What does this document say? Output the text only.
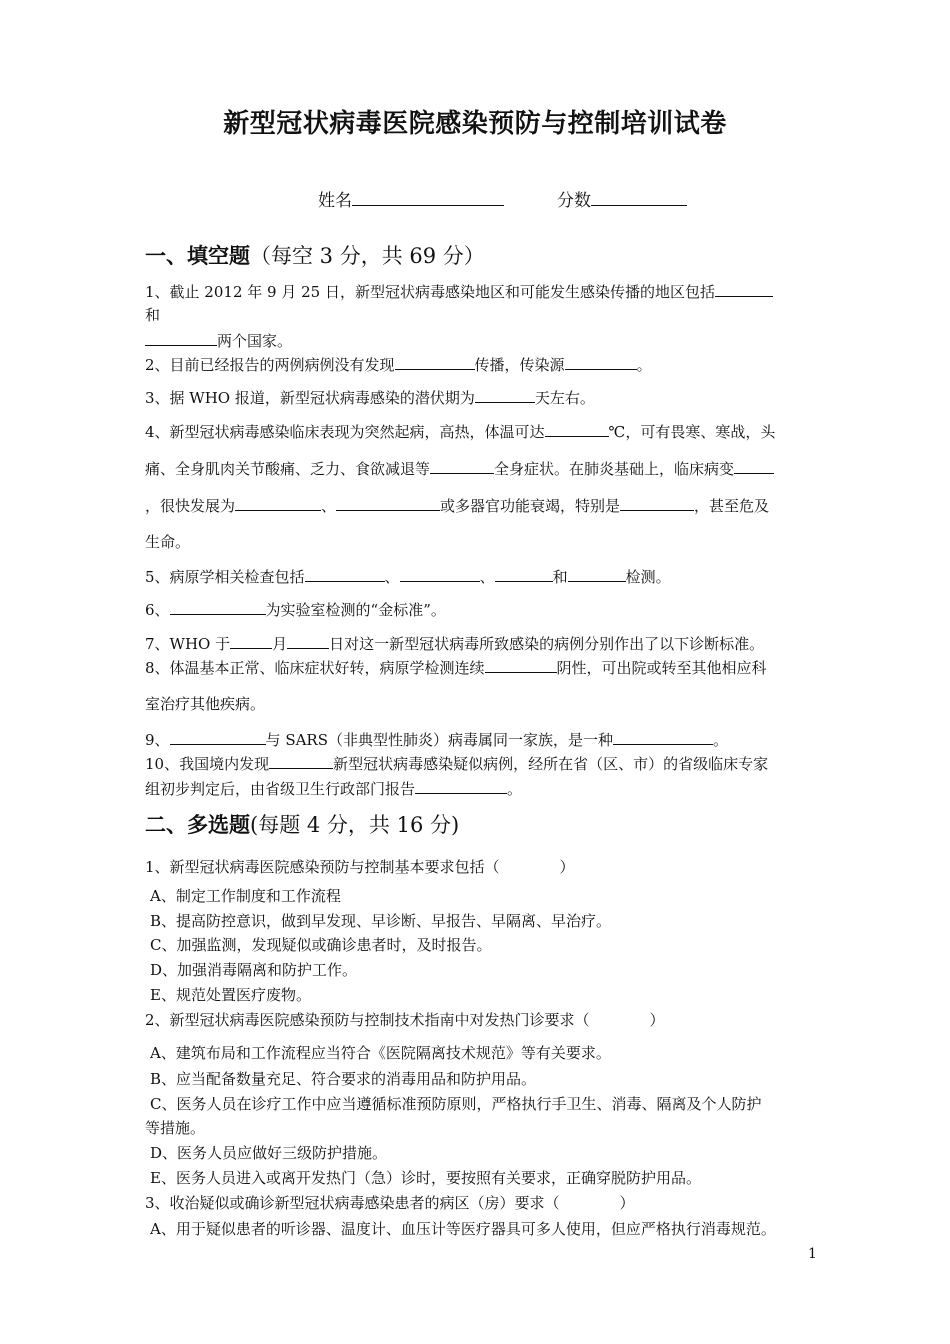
新型冠状病毒医院感染预防与控制培训试卷
姓名	分数
一、填空题（每空 3 分，共 69 分）
1、截止 2012 年 9 月 25 日，新型冠状病毒感染地区和可能发生感染传播的地区包括
和
两个国家。
2、目前已经报告的两例病例没有发现	传播，传染源	。
3、据 WHO 报道，新型冠状病毒感染的潜伏期为	天左右。
4、新型冠状病毒感染临床表现为突然起病，高热，体温可达	℃，可有畏寒、寒战，头
痛、全身肌肉关节酸痛、乏力、食欲减退等	全身症状。在肺炎基础上，临床病变
，很快发展为	、	或多器官功能衰竭，特别是	，甚至危及
生命。
5、病原学相关检查包括	、	、	和	检测。
6、	为实验室检测的“金标准”。
7、WHO 于	月	日对这一新型冠状病毒所致感染的病例分别作出了以下诊断标准。
8、体温基本正常、临床症状好转，病原学检测连续	阴性，可出院或转至其他相应科
室治疗其他疾病。
9、	与 SARS（非典型性肺炎）病毒属同一家族，是一种	。
10、我国境内发现	新型冠状病毒感染疑似病例，经所在省（区、市）的省级临床专家
组初步判定后，由省级卫生行政部门报告	。
二、多选题(每题 4 分，共 16 分)
1、新型冠状病毒医院感染预防与控制基本要求包括（　　　　）
A、制定工作制度和工作流程
B、提高防控意识，做到早发现、早诊断、早报告、早隔离、早治疗。
C、加强监测，发现疑似或确诊患者时，及时报告。
D、加强消毒隔离和防护工作。
E、规范处置医疗废物。
2、新型冠状病毒医院感染预防与控制技术指南中对发热门诊要求（　　　　）
A、建筑布局和工作流程应当符合《医院隔离技术规范》等有关要求。
B、应当配备数量充足、符合要求的消毒用品和防护用品。
C、医务人员在诊疗工作中应当遵循标准预防原则，严格执行手卫生、消毒、隔离及个人防护
等措施。
D、医务人员应做好三级防护措施。
E、医务人员进入或离开发热门（急）诊时，要按照有关要求，正确穿脱防护用品。
3、收治疑似或确诊新型冠状病毒感染患者的病区（房）要求（　　　　）
A、用于疑似患者的听诊器、温度计、血压计等医疗器具可多人使用，但应严格执行消毒规范。
1
